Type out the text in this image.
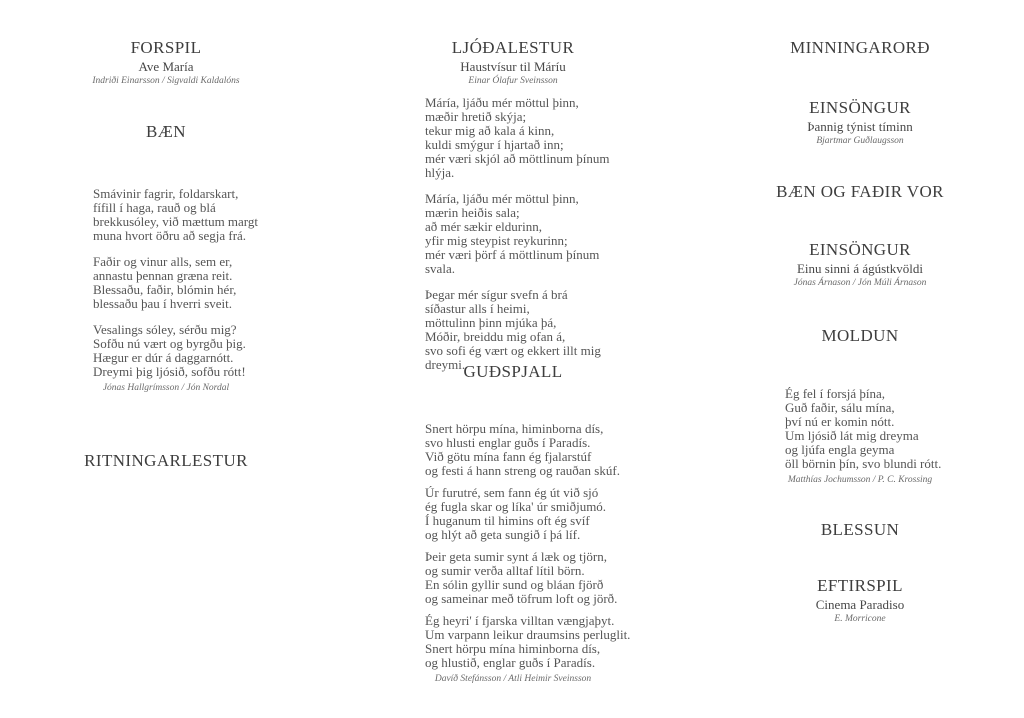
FORSPIL
Ave María
Indriði Einarsson / Sigvaldi Kaldalóns
BÆN
Smávinir fagrir, foldarskart,
fífill í haga, rauð og blá
brekkusóley, við mættum margt
muna hvort öðru að segja frá.
Faðir og vinur alls, sem er,
annastu þennan græna reit.
Blessaðu, faðir, blómin hér,
blessaðu þau í hverri sveit.
Vesalings sóley, sérðu mig?
Sofðu nú vært og byrgðu þig.
Hægur er dúr á daggarnótt.
Dreymi þig ljósið, sofðu rótt!
Jónas Hallgrímsson / Jón Nordal
RITNINGARLESTUR
LJÓÐALESTUR
Haustvísur til Máríu
Einar Ólafur Sveinsson
Máría, ljáðu mér möttul þinn,
mæðir hretið skýja;
tekur mig að kala á kinn,
kuldi smýgur í hjartað inn;
mér væri skjól að möttlinum þínum hlýja.
Máría, ljáðu mér möttul þinn,
mærin heiðis sala;
að mér sækir eldurinn,
yfir mig steypist reykurinn;
mér væri þörf á möttlinum þínum svala.
Þegar mér sígur svefn á brá
síðastur alls í heimi,
möttulinn þinn mjúka þá,
Móðir, breiddu mig ofan á,
svo sofi ég vært og ekkert illt mig dreymi.
GUÐSPJALL
Snert hörpu mína, himinborna dís,
svo hlusti englar guðs í Paradís.
Við götu mína fann ég fjalarstúf
og festi á hann streng og rauðan skúf.
Úr furutré, sem fann ég út við sjó
ég fugla skar og líka' úr smiðjumó.
Í huganum til himins oft ég svíf
og hlýt að geta sungið í þá líf.
Þeir geta sumir synt á læk og tjörn,
og sumir verða alltaf lítil börn.
En sólin gyllir sund og bláan fjörð
og sameinar með töfrum loft og jörð.
Ég heyri' í fjarska villtan vængjaþyt.
Um varpann leikur draumsins perluglit.
Snert hörpu mína himinborna dís,
og hlustið, englar guðs í Paradís.
Davíð Stefánsson / Atli Heimir Sveinsson
MINNINGARORÐ
EINSÖNGUR
Þannig týnist tíminn
Bjartmar Guðlaugsson
BÆN OG FAÐIR VOR
EINSÖNGUR
Einu sinni á ágústkvöldi
Jónas Árnason / Jón Múli Árnason
MOLDUN
Ég fel í forsjá þína,
Guð faðir, sálu mína,
því nú er komin nótt.
Um ljósið lát mig dreyma
og ljúfa engla geyma
öll börnin þín, svo blundi rótt.
Matthías Jochumsson / P. C. Krossing
BLESSUN
EFTIRSPIL
Cinema Paradiso
E. Morricone
